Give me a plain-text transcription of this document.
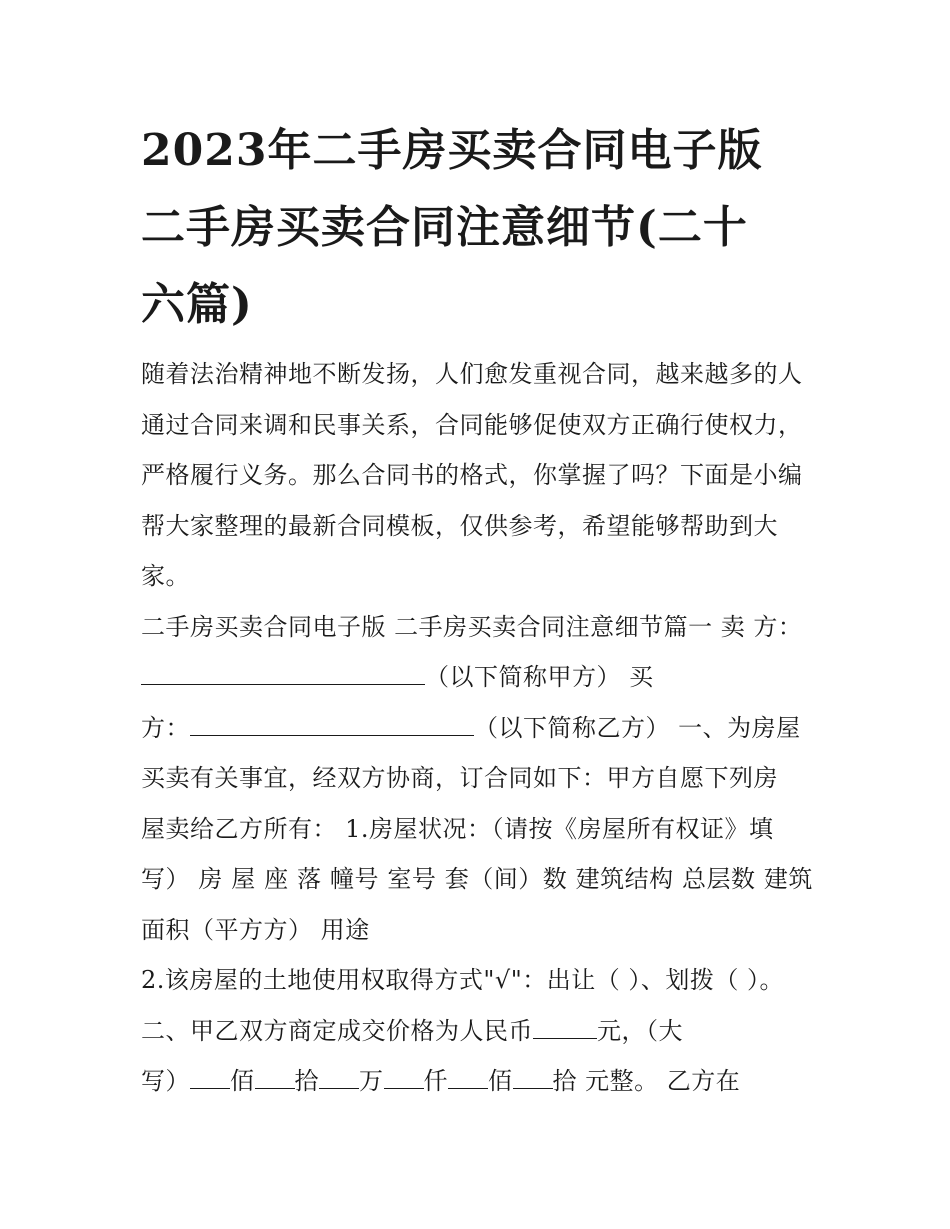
2023年二手房买卖合同电子版
二手房买卖合同注意细节(二十
六篇)
随着法治精神地不断发扬，人们愈发重视合同，越来越多的人
通过合同来调和民事关系，合同能够促使双方正确行使权力，
严格履行义务。那么合同书的格式，你掌握了吗？下面是小编
帮大家整理的最新合同模板，仅供参考，希望能够帮助到大
家。
二手房买卖合同电子版 二手房买卖合同注意细节篇一 卖 方：
（以下简称甲方） 买
方：	（以下简称乙方） 一、为房屋
买卖有关事宜，经双方协商，订合同如下：甲方自愿下列房
屋卖给乙方所有： 1.房屋状况：（请按《房屋所有权证》填
写） 房 屋 座 落 幢号 室号 套（间）数 建筑结构 总层数 建筑
面积（平方方） 用途
2.该房屋的土地使用权取得方式"√"：出让（ ）、划拨（ ）。
二、甲乙双方商定成交价格为人民币	元，（大
写） 佰 拾 万 仟 佰 拾 元整。 乙方在
